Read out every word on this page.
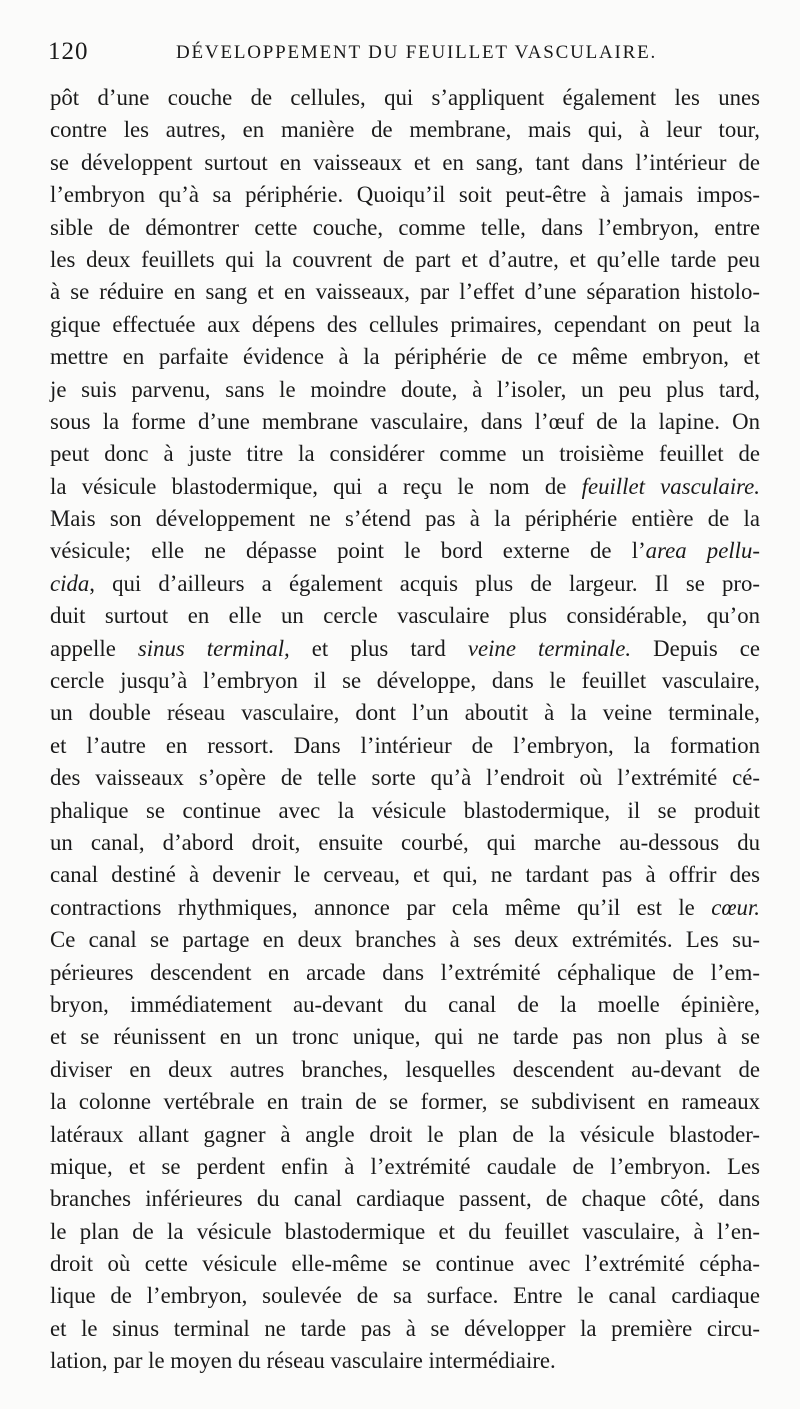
120	DÉVELOPPEMENT DU FEUILLET VASCULAIRE.
pôt d’une couche de cellules, qui s’appliquent également les unes
contre les autres, en manière de membrane, mais qui, à leur tour,
se développent surtout en vaisseaux et en sang, tant dans l’intérieur de
l’embryon qu’à sa périphérie. Quoiqu’il soit peut-être à jamais impos-
sible de démontrer cette couche, comme telle, dans l’embryon, entre
les deux feuillets qui la couvrent de part et d’autre, et qu’elle tarde peu
à se réduire en sang et en vaisseaux, par l’effet d’une séparation histolo-
gique effectuée aux dépens des cellules primaires, cependant on peut la
mettre en parfaite évidence à la périphérie de ce même embryon, et
je suis parvenu, sans le moindre doute, à l’isoler, un peu plus tard,
sous la forme d’une membrane vasculaire, dans l’œuf de la lapine. On
peut donc à juste titre la considérer comme un troisième feuillet de
la vésicule blastodermique, qui a reçu le nom de feuillet vasculaire.
Mais son développement ne s’étend pas à la périphérie entière de la
vésicule; elle ne dépasse point le bord externe de l’area pellu-
cida, qui d’ailleurs a également acquis plus de largeur. Il se pro-
duit surtout en elle un cercle vasculaire plus considérable, qu’on
appelle sinus terminal, et plus tard veine terminale. Depuis ce
cercle jusqu’à l’embryon il se développe, dans le feuillet vasculaire,
un double réseau vasculaire, dont l’un aboutit à la veine terminale,
et l’autre en ressort. Dans l’intérieur de l’embryon, la formation
des vaisseaux s’opère de telle sorte qu’à l’endroit où l’extrémité cé-
phalique se continue avec la vésicule blastodermique, il se produit
un canal, d’abord droit, ensuite courbé, qui marche au-dessous du
canal destiné à devenir le cerveau, et qui, ne tardant pas à offrir des
contractions rhythmiques, annonce par cela même qu’il est le cœur.
Ce canal se partage en deux branches à ses deux extrémités. Les su-
périeures descendent en arcade dans l’extrémité céphalique de l’em-
bryon, immédiatement au-devant du canal de la moelle épinière,
et se réunissent en un tronc unique, qui ne tarde pas non plus à se
diviser en deux autres branches, lesquelles descendent au-devant de
la colonne vertébrale en train de se former, se subdivisent en rameaux
latéraux allant gagner à angle droit le plan de la vésicule blastoder-
mique, et se perdent enfin à l’extrémité caudale de l’embryon. Les
branches inférieures du canal cardiaque passent, de chaque côté, dans
le plan de la vésicule blastodermique et du feuillet vasculaire, à l’en-
droit où cette vésicule elle-même se continue avec l’extrémité cépha-
lique de l’embryon, soulevée de sa surface. Entre le canal cardiaque
et le sinus terminal ne tarde pas à se développer la première circu-
lation, par le moyen du réseau vasculaire intermédiaire.
